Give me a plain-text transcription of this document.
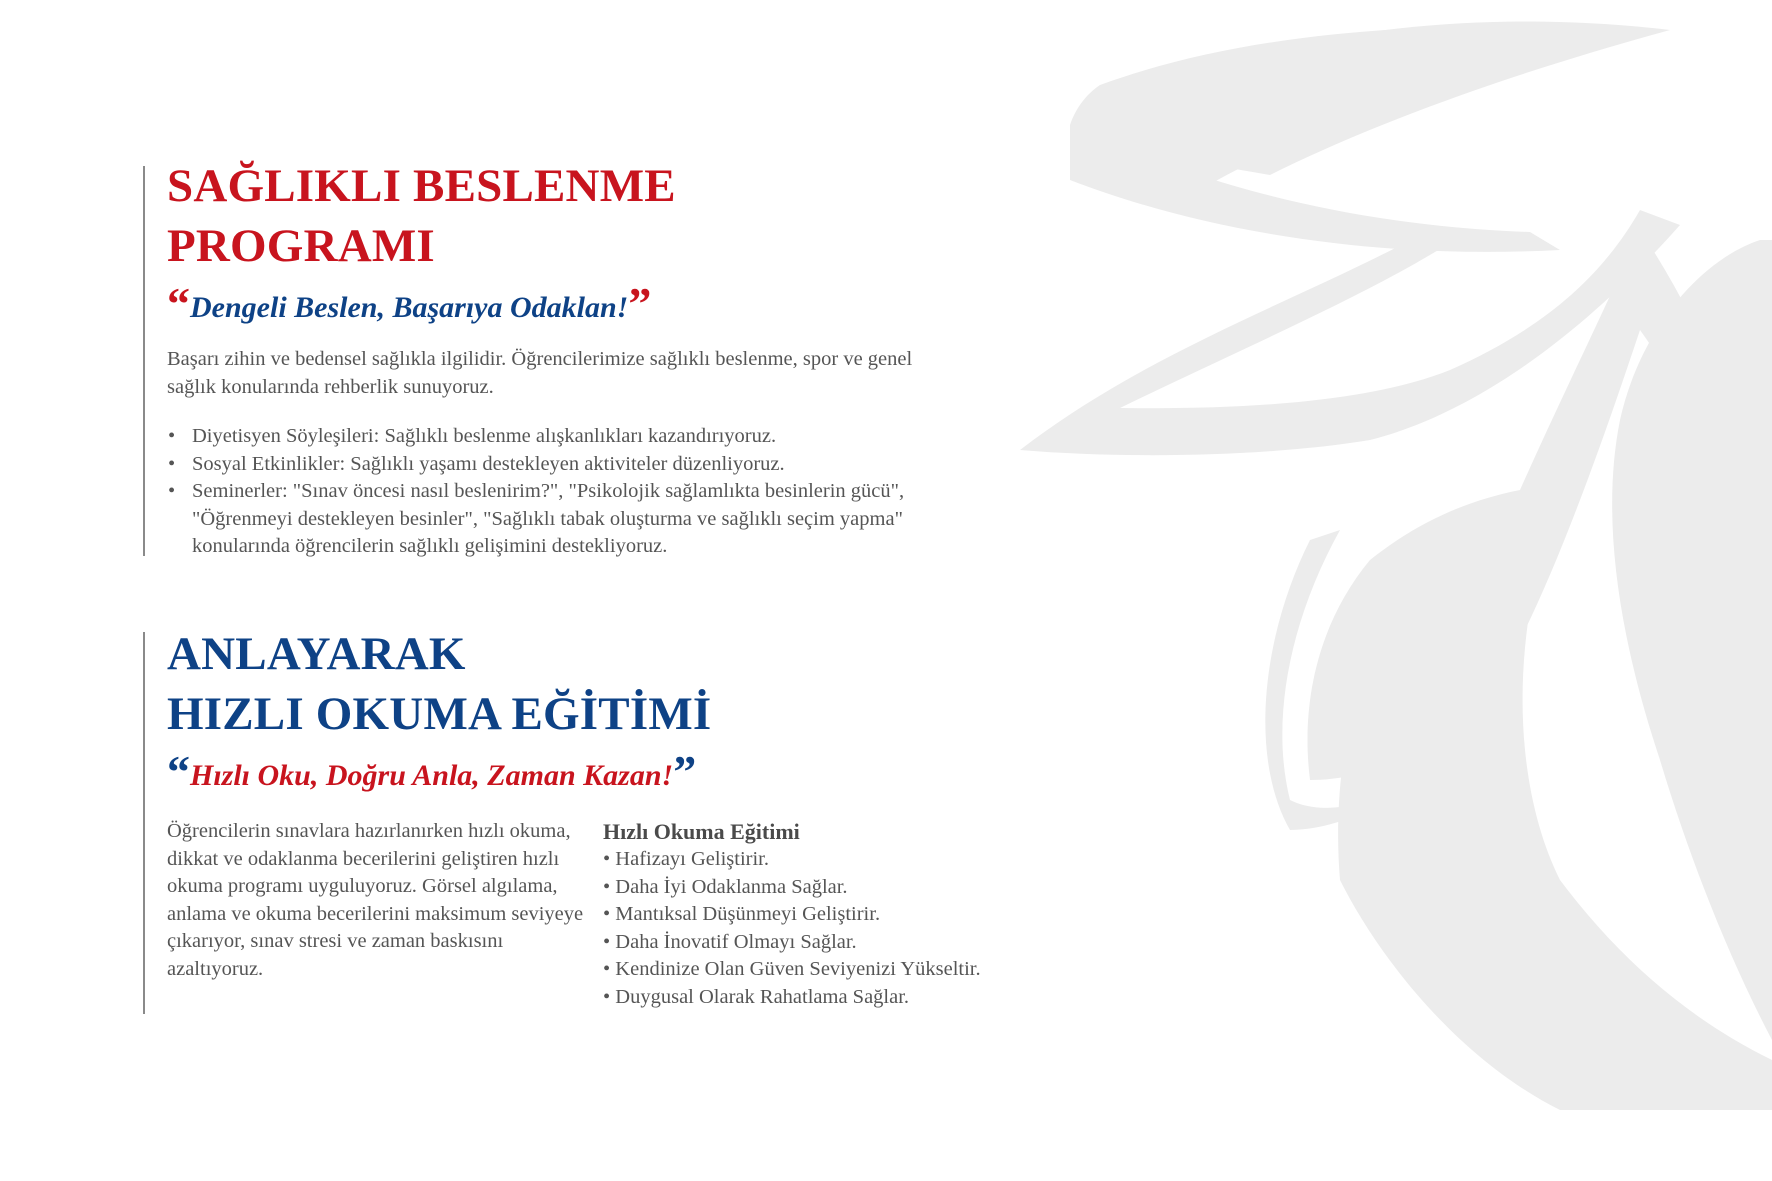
SAĞLIKLI BESLENME
PROGRAMI

“Dengeli Beslen, Başarıya Odaklan!”

Başarı zihin ve bedensel sağlıkla ilgilidir. Öğrencilerimize sağlıklı beslenme, spor ve genel sağlık konularında rehberlik sunuyoruz.

• Diyetisyen Söyleşileri: Sağlıklı beslenme alışkanlıkları kazandırıyoruz.
• Sosyal Etkinlikler: Sağlıklı yaşamı destekleyen aktiviteler düzenliyoruz.
• Seminerler: "Sınav öncesi nasıl beslenirim?", "Psikolojik sağlamlıkta besinlerin gücü", "Öğrenmeyi destekleyen besinler", "Sağlıklı tabak oluşturma ve sağlıklı seçim yapma" konularında öğrencilerin sağlıklı gelişimini destekliyoruz.
ANLAYARAK
HIZLI OKUMA EĞİTİMİ

“Hızlı Oku, Doğru Anla, Zaman Kazan!”

Öğrencilerin sınavlara hazırlanırken hızlı okuma, dikkat ve odaklanma becerilerini geliştiren hızlı okuma programı uyguluyoruz. Görsel algılama, anlama ve okuma becerilerini maksimum seviyeye çıkarıyor, sınav stresi ve zaman baskısını azaltıyoruz.

Hızlı Okuma Eğitimi

• Hafizayı Geliştirir.

• Daha İyi Odaklanma Sağlar.

• Mantıksal Düşünmeyi Geliştirir.

• Daha İnovatif Olmayı Sağlar.

• Kendinize Olan Güven Seviyenizi Yükseltir.

• Duygusal Olarak Rahatlama Sağlar.
